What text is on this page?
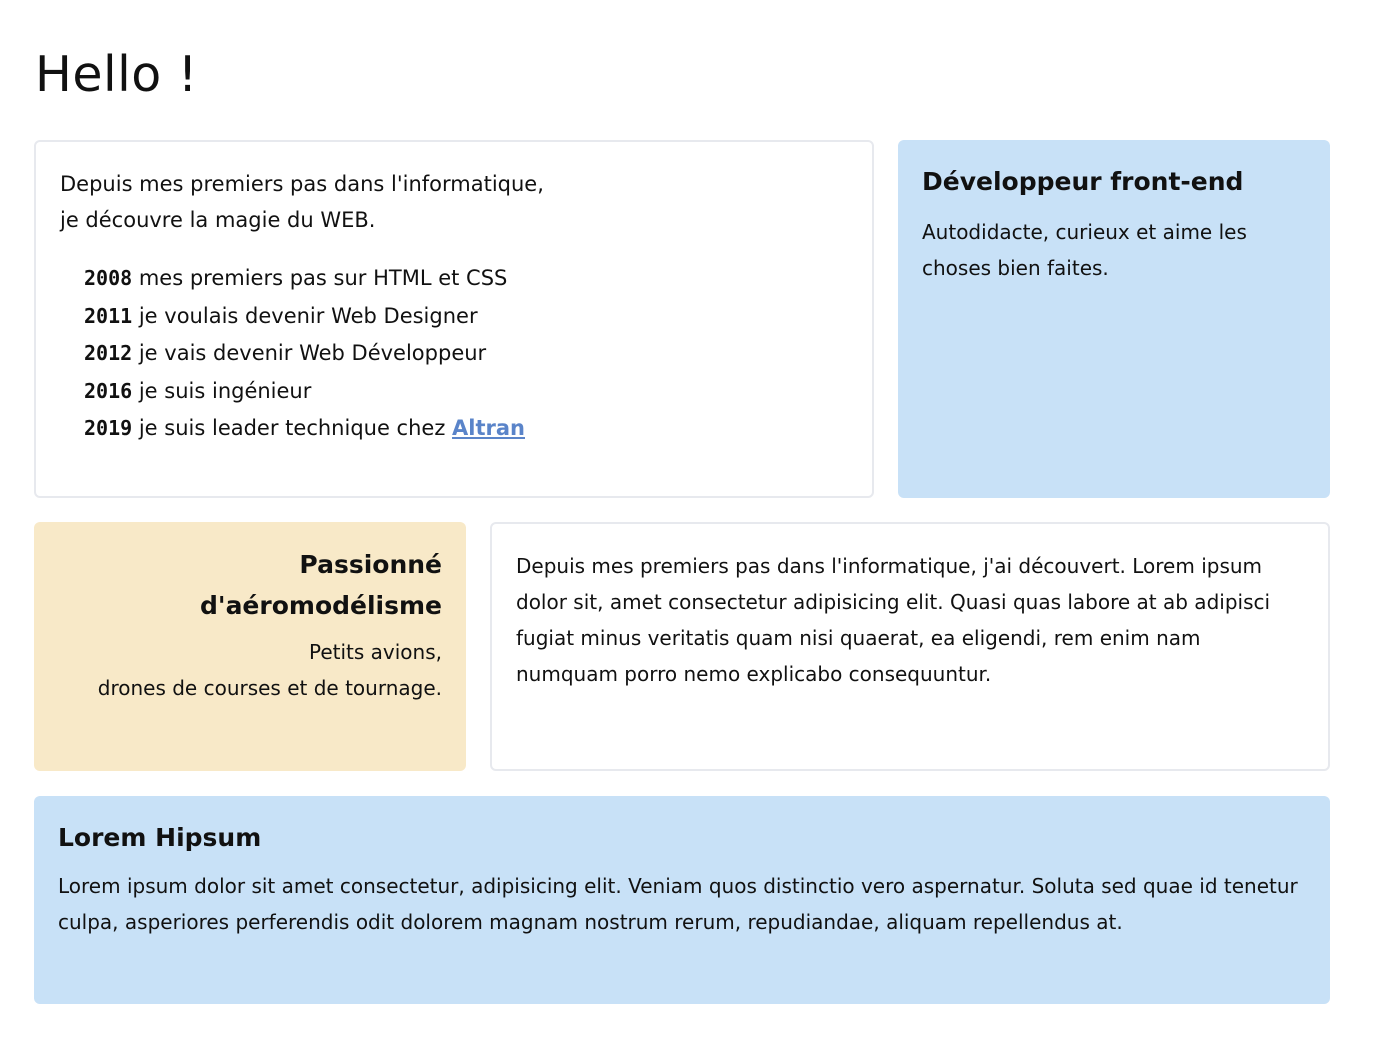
Hello !

Depuis mes premiers pas dans l'informatique,

je découvre la magie du WEB.

2008 mes premiers pas sur HTML et CSS
2011 je voulais devenir Web Designer
2012 je vais devenir Web Développeur
2016 je suis ingénieur
2019 je suis leader technique chez Altran
Développeur front-end

Autodidacte, curieux et aime les choses bien faites.

Passionné
d'aéromodélisme

Petits avions,
drones de courses et de tournage.

Depuis mes premiers pas dans l'informatique, j'ai découvert. Lorem ipsum dolor sit, amet consectetur adipisicing elit. Quasi quas labore at ab adipisci fugiat minus veritatis quam nisi quaerat, ea eligendi, rem enim nam numquam porro nemo explicabo consequuntur.

Lorem Hipsum

Lorem ipsum dolor sit amet consectetur, adipisicing elit. Veniam quos distinctio vero aspernatur. Soluta sed quae id tenetur culpa, asperiores perferendis odit dolorem magnam nostrum rerum, repudiandae, aliquam repellendus at.
